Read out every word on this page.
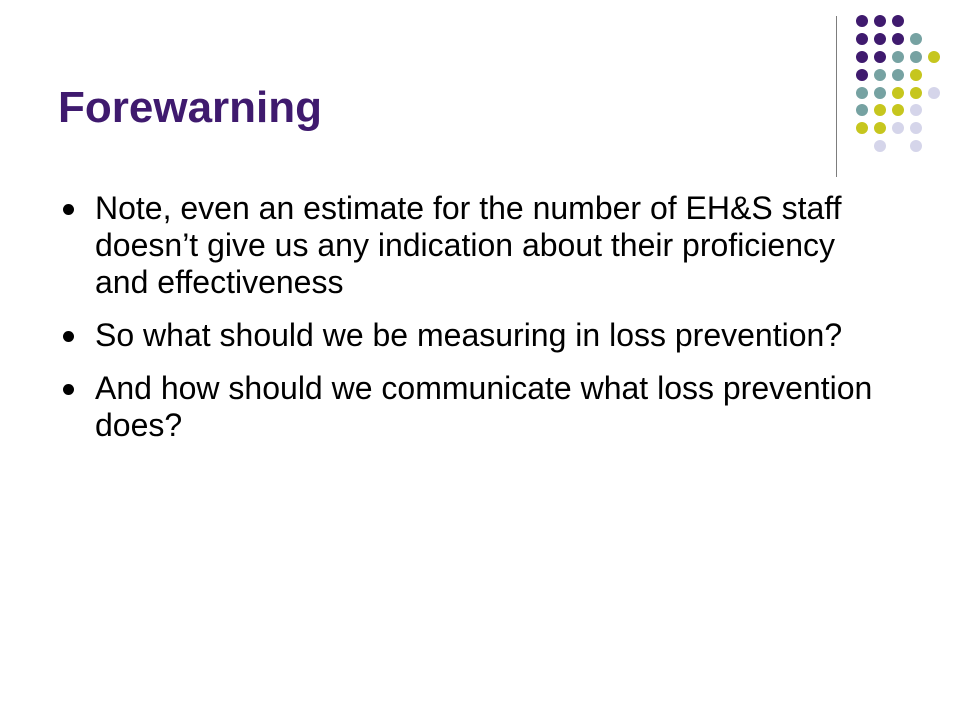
Forewarning
Note, even an estimate for the number of EH&S staff doesn’t give us any indication about their proficiency and effectiveness
So what should we be measuring in loss prevention?
And how should we communicate what loss prevention does?
